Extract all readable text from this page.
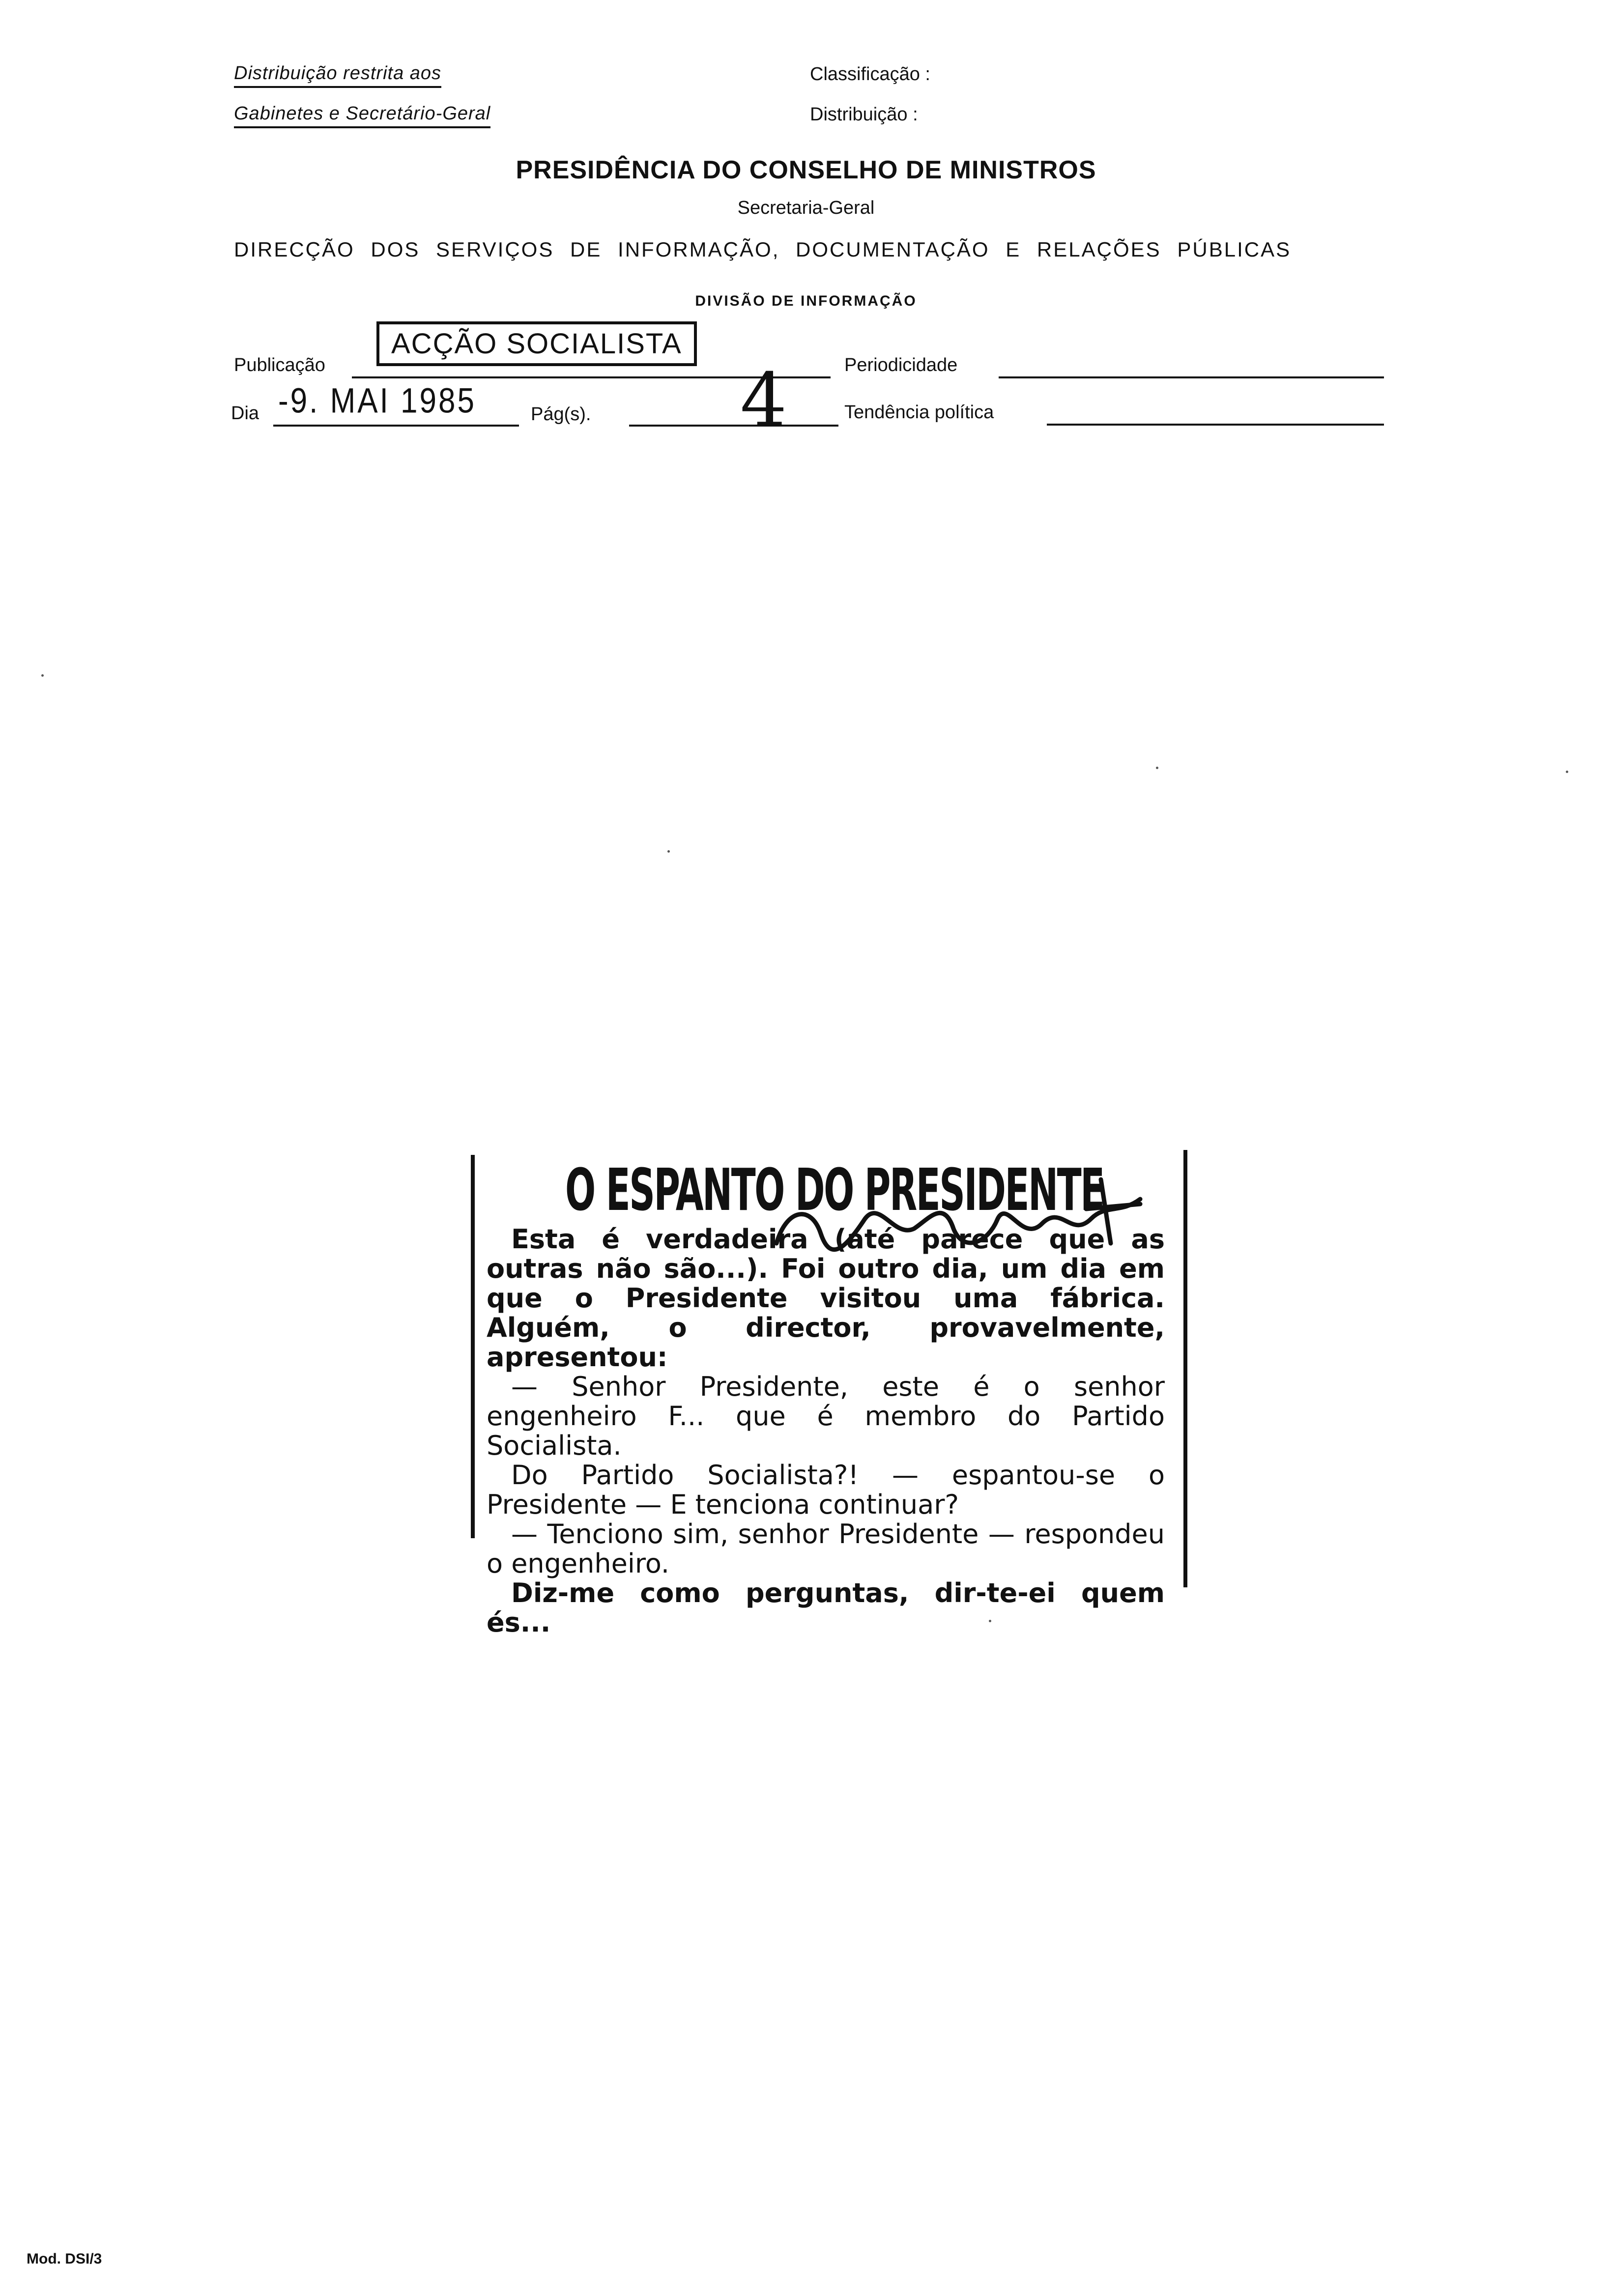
Distribuição restrita aos
Gabinetes e Secretário-Geral
Classificação :
Distribuição :
PRESIDÊNCIA DO CONSELHO DE MINISTROS
Secretaria-Geral
DIRECÇÃO DOS SERVIÇOS DE INFORMAÇÃO, DOCUMENTAÇÃO E RELAÇÕES PÚBLICAS
DIVISÃO DE INFORMAÇÃO
Publicação
ACÇÃO SOCIALISTA
Periodicidade
Dia -9. MAI 1985	Pág(s). 4	Tendência política
O ESPANTO DO PRESIDENTE

Esta é verdadeira (até parece que as outras não são...). Foi outro dia, um dia em que o Presidente visitou uma fábrica. Alguém, o director, provavelmente, apresentou:

— Senhor Presidente, este é o senhor engenheiro F... que é membro do Partido Socialista.

Do Partido Socialista?! — espantou-se o Presidente — E tenciona continuar?

— Tenciono sim, senhor Presidente — respondeu o engenheiro.

Diz-me como perguntas, dir-te-ei quem és...

Mod. DSI/3
